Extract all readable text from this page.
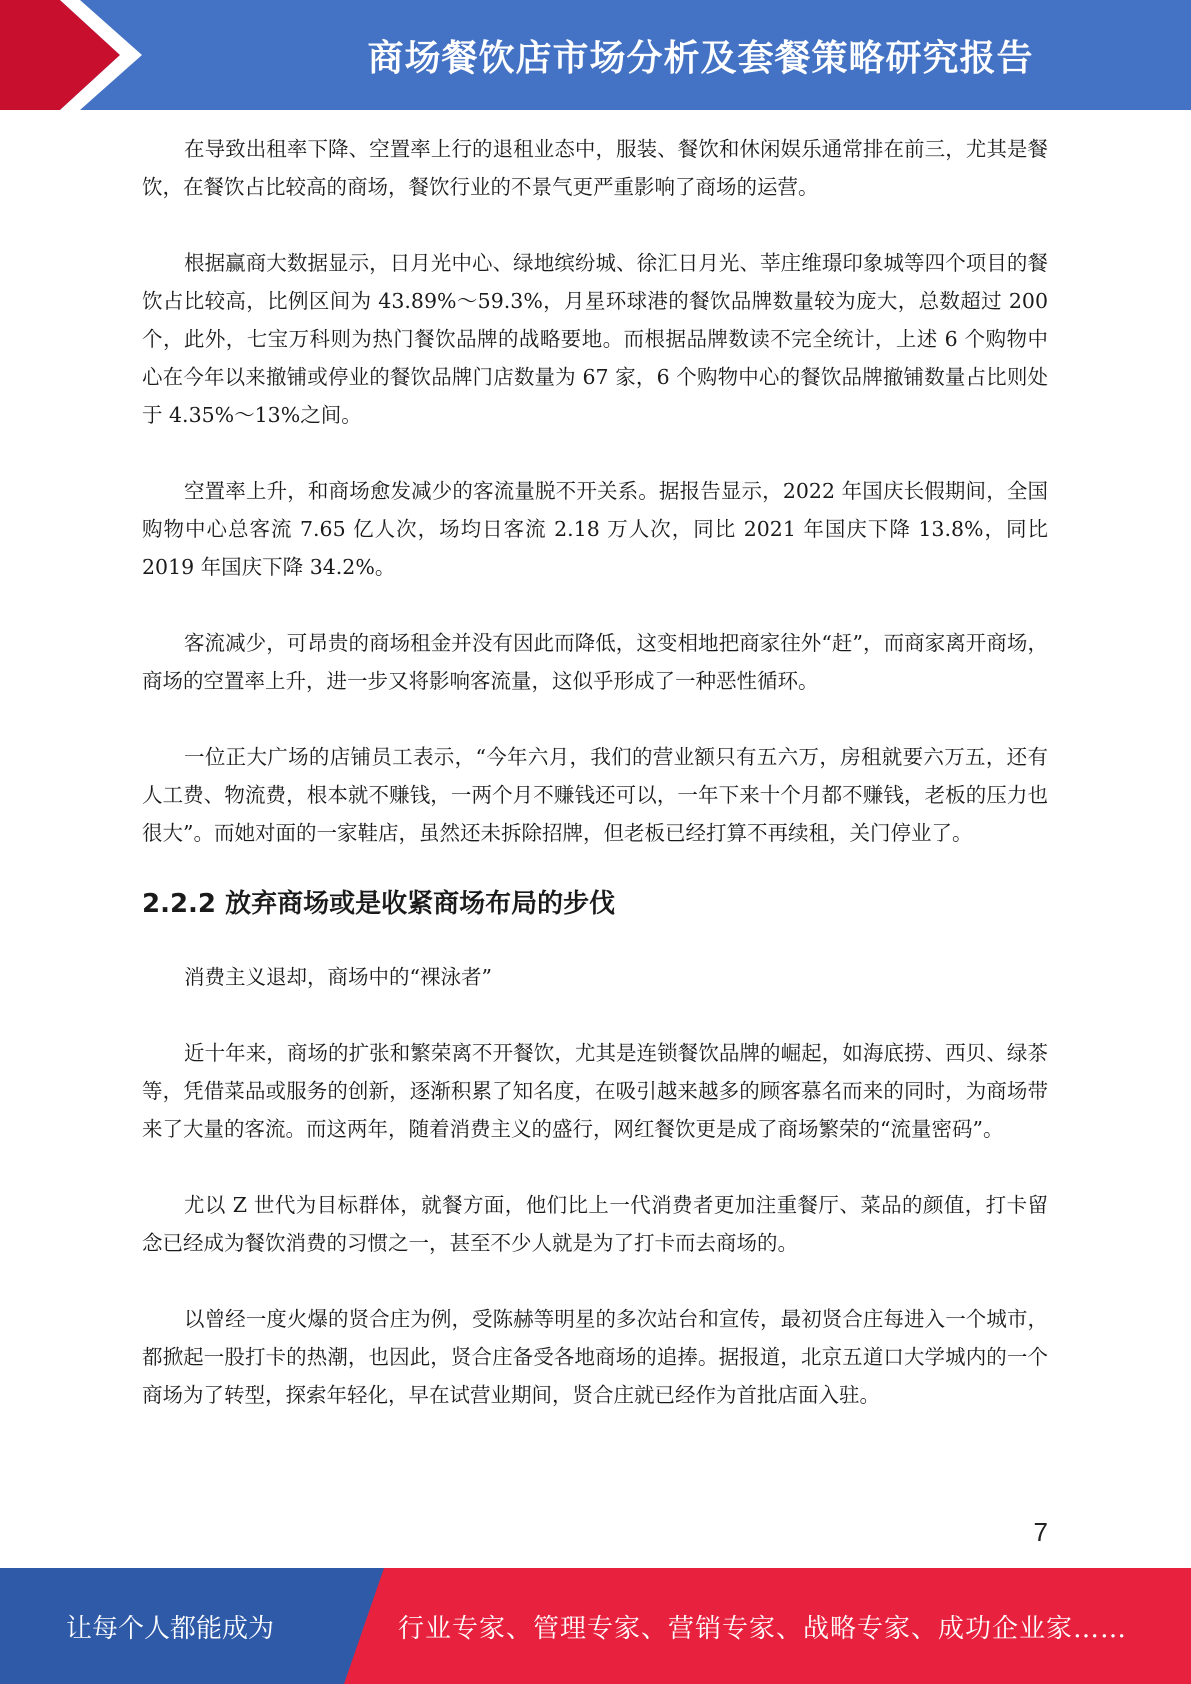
商场餐饮店市场分析及套餐策略研究报告

在导致出租率下降、空置率上行的退租业态中，服装、餐饮和休闲娱乐通常排在前三，尤其是餐饮，在餐饮占比较高的商场，餐饮行业的不景气更严重影响了商场的运营。

根据赢商大数据显示，日月光中心、绿地缤纷城、徐汇日月光、莘庄维璟印象城等四个项目的餐饮占比较高，比例区间为 43.89%～59.3%，月星环球港的餐饮品牌数量较为庞大，总数超过 200 个，此外，七宝万科则为热门餐饮品牌的战略要地。而根据品牌数读不完全统计，上述 6 个购物中心在今年以来撤铺或停业的餐饮品牌门店数量为 67 家，6 个购物中心的餐饮品牌撤铺数量占比则处于 4.35%～13%之间。

空置率上升，和商场愈发减少的客流量脱不开关系。据报告显示，2022 年国庆长假期间，全国购物中心总客流 7.65 亿人次，场均日客流 2.18 万人次，同比 2021 年国庆下降 13.8%，同比 2019 年国庆下降 34.2%。

客流减少，可昂贵的商场租金并没有因此而降低，这变相地把商家往外“赶”，而商家离开商场，商场的空置率上升，进一步又将影响客流量，这似乎形成了一种恶性循环。

一位正大广场的店铺员工表示，“今年六月，我们的营业额只有五六万，房租就要六万五，还有人工费、物流费，根本就不赚钱，一两个月不赚钱还可以，一年下来十个月都不赚钱，老板的压力也很大”。而她对面的一家鞋店，虽然还未拆除招牌，但老板已经打算不再续租，关门停业了。

2.2.2 放弃商场或是收紧商场布局的步伐

消费主义退却，商场中的“裸泳者”

近十年来，商场的扩张和繁荣离不开餐饮，尤其是连锁餐饮品牌的崛起，如海底捞、西贝、绿茶等，凭借菜品或服务的创新，逐渐积累了知名度，在吸引越来越多的顾客慕名而来的同时，为商场带来了大量的客流。而这两年，随着消费主义的盛行，网红餐饮更是成了商场繁荣的“流量密码”。

尤以 Z 世代为目标群体，就餐方面，他们比上一代消费者更加注重餐厅、菜品的颜值，打卡留念已经成为餐饮消费的习惯之一，甚至不少人就是为了打卡而去商场的。

以曾经一度火爆的贤合庄为例，受陈赫等明星的多次站台和宣传，最初贤合庄每进入一个城市，都掀起一股打卡的热潮，也因此，贤合庄备受各地商场的追捧。据报道，北京五道口大学城内的一个商场为了转型，探索年轻化，早在试营业期间，贤合庄就已经作为首批店面入驻。

7
让每个人都能成为	行业专家、管理专家、营销专家、战略专家、成功企业家……
